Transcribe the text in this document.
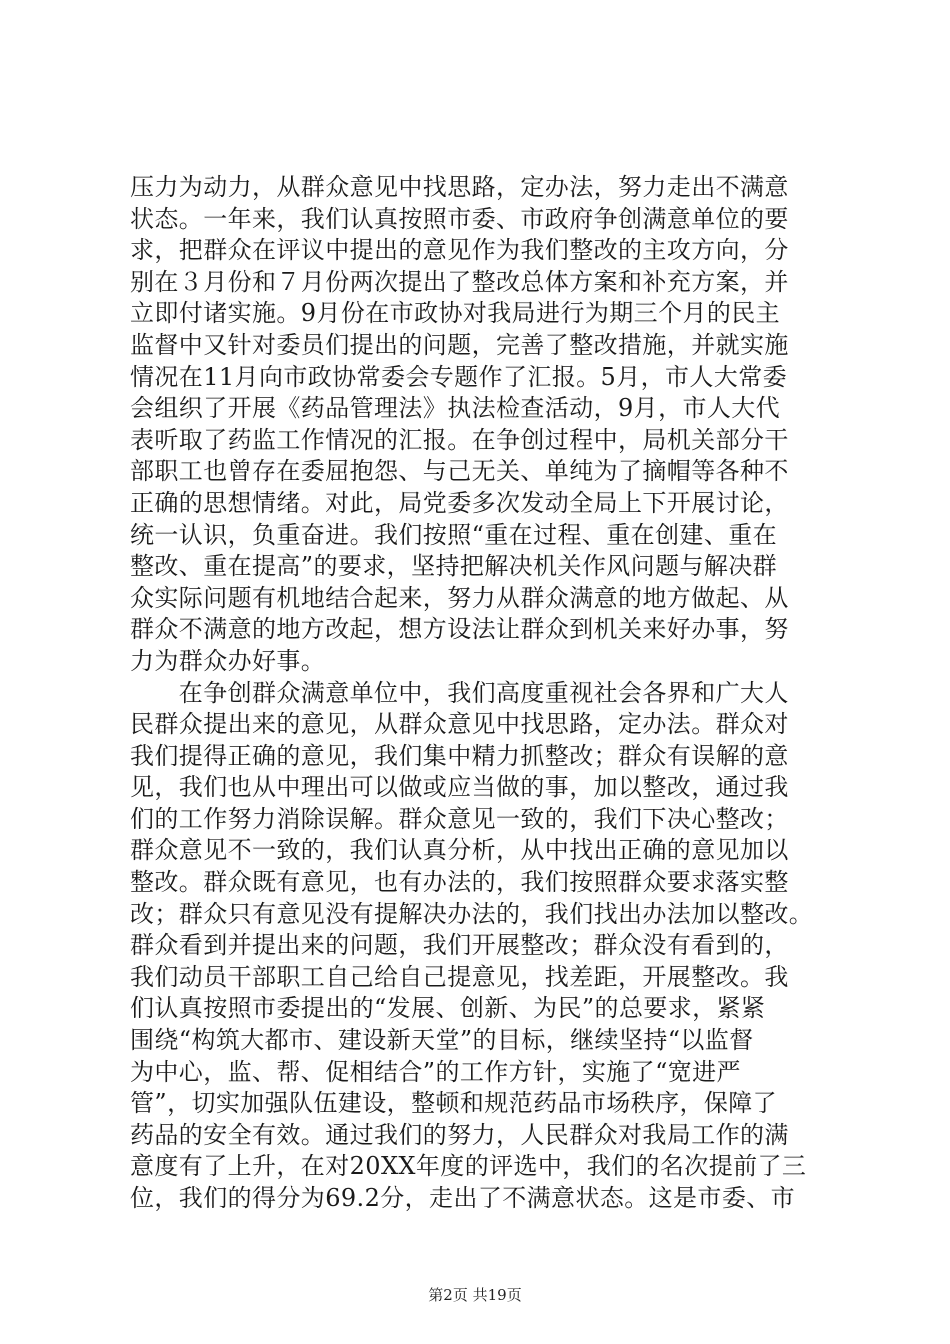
压力为动力，从群众意见中找思路，定办法，努力走出不满意
状态。一年来，我们认真按照市委、市政府争创满意单位的要
求，把群众在评议中提出的意见作为我们整改的主攻方向，分
别在３月份和７月份两次提出了整改总体方案和补充方案，并
立即付诸实施。9月份在市政协对我局进行为期三个月的民主
监督中又针对委员们提出的问题，完善了整改措施，并就实施
情况在11月向市政协常委会专题作了汇报。5月，市人大常委
会组织了开展《药品管理法》执法检查活动，9月，市人大代
表听取了药监工作情况的汇报。在争创过程中，局机关部分干
部职工也曾存在委屈抱怨、与己无关、单纯为了摘帽等各种不
正确的思想情绪。对此，局党委多次发动全局上下开展讨论，
统一认识，负重奋进。我们按照“重在过程、重在创建、重在
整改、重在提高”的要求，坚持把解决机关作风问题与解决群
众实际问题有机地结合起来，努力从群众满意的地方做起、从
群众不满意的地方改起，想方设法让群众到机关来好办事，努
力为群众办好事。
　　在争创群众满意单位中，我们高度重视社会各界和广大人
民群众提出来的意见，从群众意见中找思路，定办法。群众对
我们提得正确的意见，我们集中精力抓整改；群众有误解的意
见，我们也从中理出可以做或应当做的事，加以整改，通过我
们的工作努力消除误解。群众意见一致的，我们下决心整改；
群众意见不一致的，我们认真分析，从中找出正确的意见加以
整改。群众既有意见，也有办法的，我们按照群众要求落实整
改；群众只有意见没有提解决办法的，我们找出办法加以整改。
群众看到并提出来的问题，我们开展整改；群众没有看到的，
我们动员干部职工自己给自己提意见，找差距，开展整改。我
们认真按照市委提出的“发展、创新、为民”的总要求，紧紧
围绕“构筑大都市、建设新天堂”的目标，继续坚持“以监督
为中心，监、帮、促相结合”的工作方针，实施了“宽进严
管”，切实加强队伍建设，整顿和规范药品市场秩序，保障了
药品的安全有效。通过我们的努力，人民群众对我局工作的满
意度有了上升，在对20XX年度的评选中，我们的名次提前了三
位，我们的得分为69.2分，走出了不满意状态。这是市委、市
第2页 共19页
